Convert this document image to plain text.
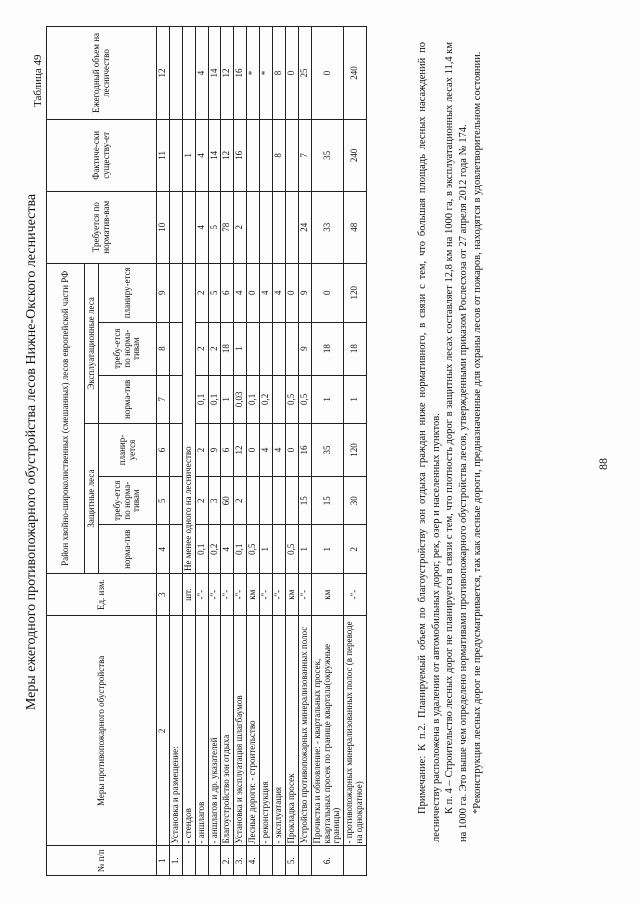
Меры ежегодного противопожарного обустройства лесов Нижне-Окского лесничества
Таблица 49
№ п/п	Меры противопожарного обустройства	Ед. изм.	Район хвойно-широколиственных (смешанных) лесов европейской части РФ						Требуется по норматив-вам	Фактиче-ски существу-ет	Ежегодный объем на лесничество
			Защитные леса			Эксплуатационные леса					
			норма-тив	требу-ется по норма-тивам	планир-уется	норма-тив	требу-ется по норма-тивам	планиру-ется			
1	2	3	4	5	6	7	8	9	10	11	12
1.	Установка и размещение:										
	- стендов	шт.	Не менее одного на лесничество							1	
	- аншлагов	-"-	0,1	2	2	0,1	2	2	4	4	4
	- аншлагов и др. указателей	-"-	0,2	3	9	0,1	2	5	5	14	14
2.	Благоустройство зон отдыха	-"-	4	60	6	1	18	6	78	12	12
3.	Установка и эксплуатация шлагбаумов	-"-	0,1	2	12	0,03	1	4	2	16	16
4.	Лесные дороги: - строительство	км	0,5		0	0,1		0			*
	- реконструкция	-"-	1		4	0,2		4			*
	- эксплуатация	-"-			4			4		8	8
5.	Прокладка просек	км	0,5		0	0,5		0			0
	Устройство противопожарных минерализованных полос	-"-	1	15	16	0,5	9	9	24	7	25
6.	Прочистка и обновление: - квартальных просек, квартальных просек по границе квартала(окружные границы)	км	1	15	35	1	18	0	33	35	0
	- противопожарных минерализованных полос (в переводе на однократное)	-"-	2	30	120	1	18	120	48	240	240	Примечание: К п.2. Планируемый объем по благоустройству зон отдыха граждан ниже нормативного, в связи с тем, что большая площадь лесных насаждений по лесничеству расположена в удалении от автомобильных дорог, рек, озер и населенных пунктов. К п. 4 – Строительство лесных дорог не планируется в связи с тем, что плотность дорог в защитных лесах составляет 12,8 км на 1000 га, в эксплуатационных лесах 11,4 км на 1000 га. Это выше чем определено нормативами противопожарного обустройства лесов, утвержденными приказом Рослесхоза от 27 апреля 2012 года № 174. *Реконструкция лесных дорог не предусматривается, так как лесные дороги, предназначенные для охраны лесов от пожаров, находятся в удовлетворительном состоянии.	88
